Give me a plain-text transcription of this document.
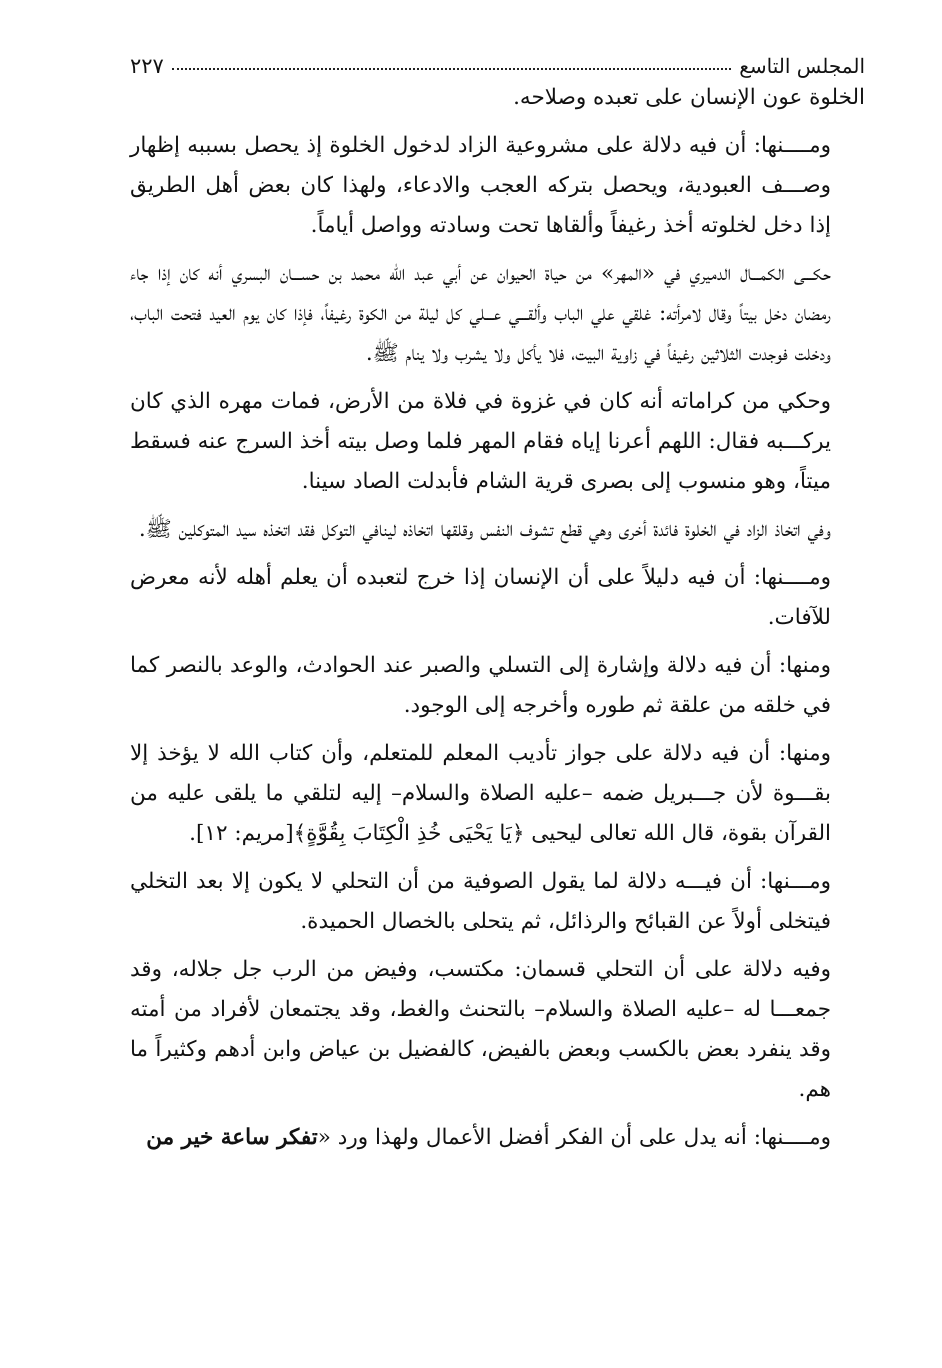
المجلس التاسع
٢٢٧

الخلوة عون الإنسان على تعبده وصلاحه.

ومــــنها: أن فيه دلالة على مشروعية الزاد لدخول الخلوة إذ يحصل بسببه إظهار وصـــف العبودية، ويحصل بتركه العجب والادعاء، ولهذا كان بعض أهل الطريق إذا دخل لخلوته أخذ رغيفاً وألقاها تحت وسادته وواصل أياماً.

حكـــى الكمـــال الدميري في «المهر» من حياة الحيوان عن أبي عبد الله محمد بن حســـان البسري أنه كان إذا جاء رمضان دخل بيتاً وقال لامرأته: غلقي علي الباب وألقـــي عـــلي كل ليلة من الكوة رغيفاً، فإذا كان يوم العيد فتحت الباب، ودخلت فوجدت الثلاثين رغيفاً في زاوية البيت، فلا يأكل ولا يشرب ولا ينام ﷺ.

وحكي من كراماته أنه كان في غزوة في فلاة من الأرض، فمات مهره الذي كان يركـــبه فقال: اللهم أعرنا إياه فقام المهر فلما وصل بيته أخذ السرج عنه فسقط ميتاً، وهو منسوب إلى بصرى قرية الشام فأبدلت الصاد سينا.

وفي اتخاذ الزاد في الخلوة فائدة أخرى وهي قطع تشوف النفس وقلقها اتخاذه لينافي التوكل فقد اتخذه سيد المتوكلين ﷺ.

ومــــنها: أن فيه دليلاً على أن الإنسان إذا خرج لتعبده أن يعلم أهله لأنه معرض للآفات.

ومنها: أن فيه دلالة وإشارة إلى التسلي والصبر عند الحوادث، والوعد بالنصر كما في خلقه من علقة ثم طوره وأخرجه إلى الوجود.

ومنها: أن فيه دلالة على جواز تأديب المعلم للمتعلم، وأن كتاب الله لا يؤخذ إلا بقـــوة لأن جـــبريل ضمه –عليه الصلاة والسلام– إليه لتلقي ما يلقى عليه من القرآن بقوة، قال الله تعالى ليحيى ﴿يَا يَحْيَى خُذِ الْكِتَابَ بِقُوَّةٍ﴾[مريم: ١٢].

ومـــنها: أن فيـــه دلالة لما يقول الصوفية من أن التحلي لا يكون إلا بعد التخلي فيتخلى أولاً عن القبائح والرذائل، ثم يتحلى بالخصال الحميدة.

وفيه دلالة على أن التحلي قسمان: مكتسب، وفيض من الرب جل جلاله، وقد جمعـــا له –عليه الصلاة والسلام– بالتحنث والغط، وقد يجتمعان لأفراد من أمته وقد ينفرد بعض بالكسب وبعض بالفيض، كالفضيل بن عياض وابن أدهم وكثيراً ما هم.

ومــــنها: أنه يدل على أن الفكر أفضل الأعمال ولهذا ورد «تفكر ساعة خير من
